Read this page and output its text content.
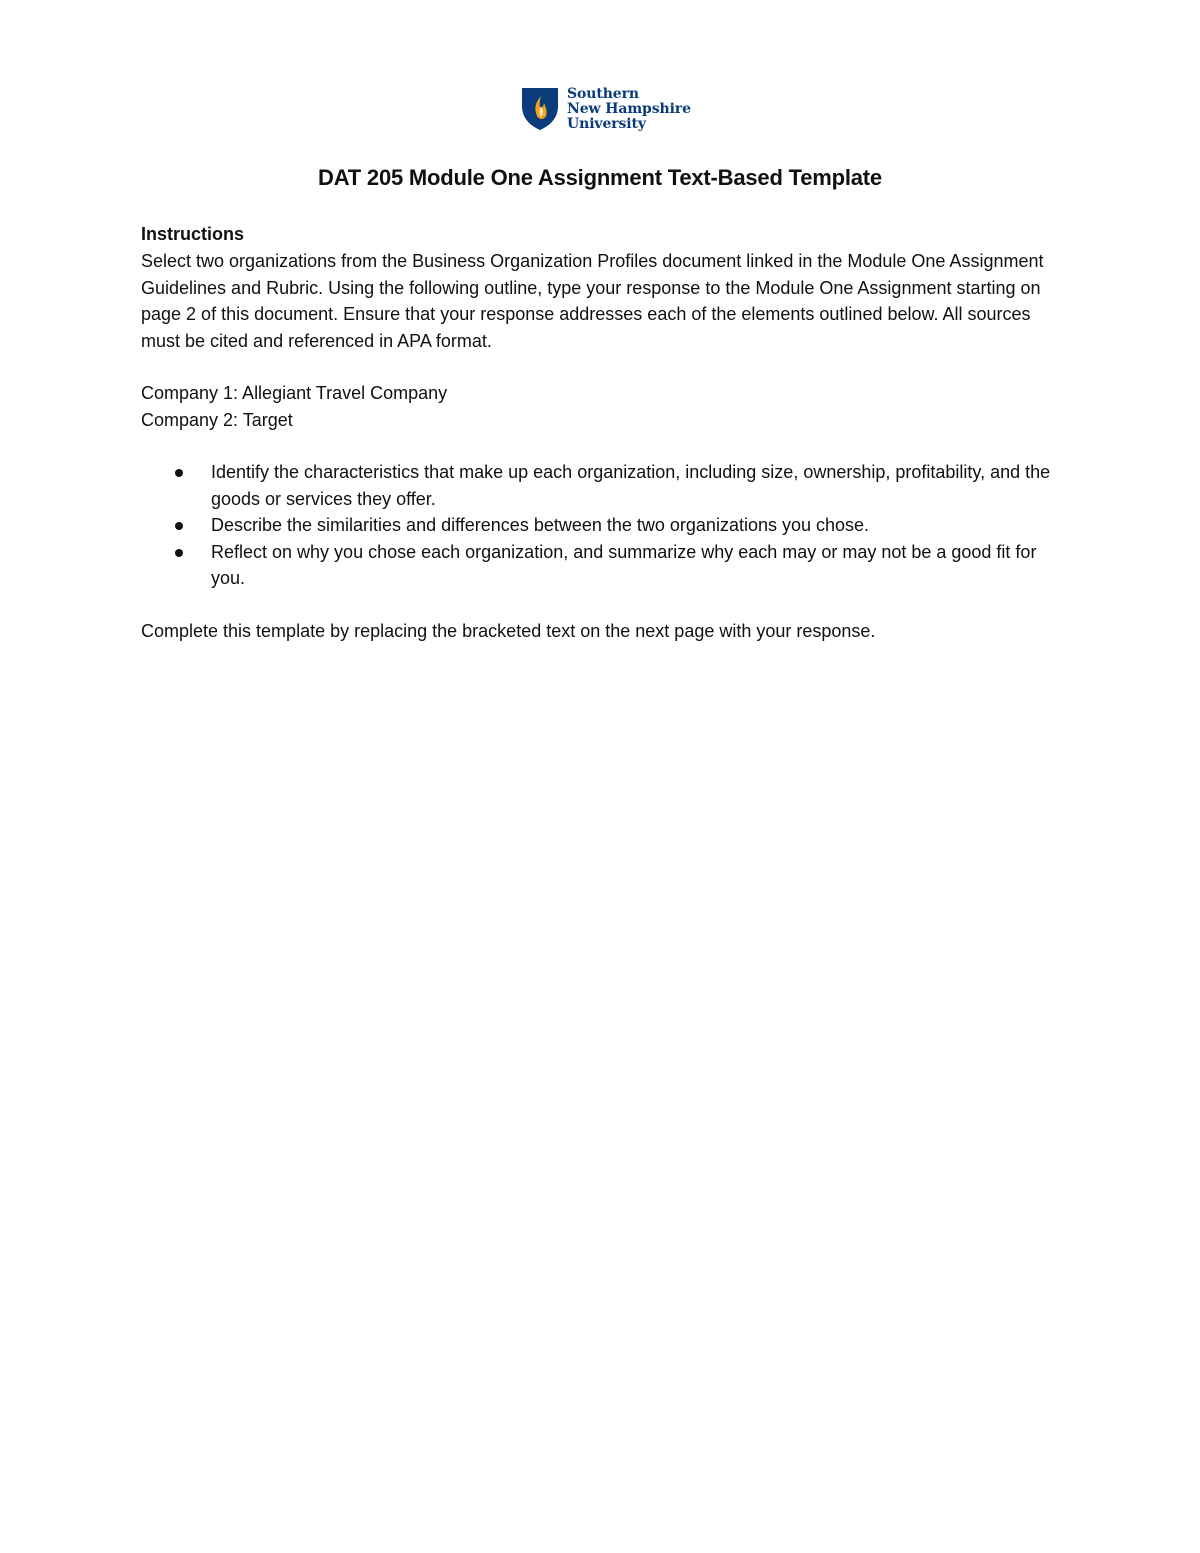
Southern
New Hampshire
University
DAT 205 Module One Assignment Text-Based Template

Instructions

Select two organizations from the Business Organization Profiles document linked in the Module One Assignment Guidelines and Rubric. Using the following outline, type your response to the Module One Assignment starting on page 2 of this document. Ensure that your response addresses each of the elements outlined below. All sources must be cited and referenced in APA format.

Company 1: Allegiant Travel Company

Company 2: Target

Identify the characteristics that make up each organization, including size, ownership, profitability, and the goods or services they offer.
Describe the similarities and differences between the two organizations you chose.
Reflect on why you chose each organization, and summarize why each may or may not be a good fit for you.

Complete this template by replacing the bracketed text on the next page with your response.
